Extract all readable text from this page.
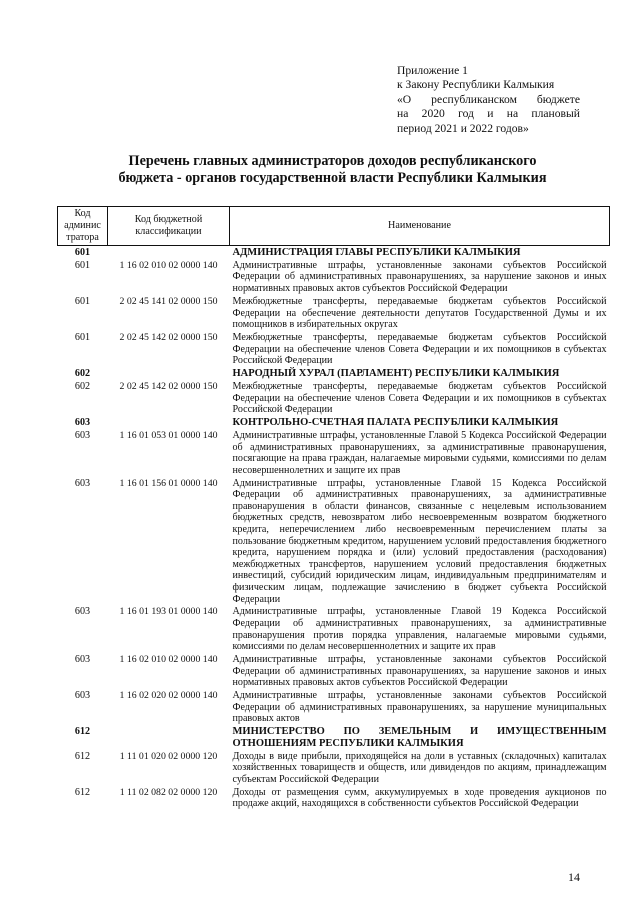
Приложение 1
к Закону Республики Калмыкия
«О республиканском бюджете
на 2020 год и на плановый
период 2021 и 2022 годов»
Перечень главных администраторов доходов республиканского
бюджета - органов государственной власти Республики Калмыкия
Код админис тратора	Код бюджетной классификации	Наименование
601		АДМИНИСТРАЦИЯ ГЛАВЫ РЕСПУБЛИКИ КАЛМЫКИЯ
601	1 16 02 010 02 0000 140	Административные штрафы, установленные законами субъектов Российской Федерации об административных правонарушениях, за нарушение законов и иных нормативных правовых актов субъектов Российской Федерации
601	2 02 45 141 02 0000 150	Межбюджетные трансферты, передаваемые бюджетам субъектов Российской Федерации на обеспечение деятельности депутатов Государственной Думы и их помощников в избирательных округах
601	2 02 45 142 02 0000 150	Межбюджетные трансферты, передаваемые бюджетам субъектов Российской Федерации на обеспечение членов Совета Федерации и их помощников в субъектах Российской Федерации
602		НАРОДНЫЙ ХУРАЛ (ПАРЛАМЕНТ) РЕСПУБЛИКИ КАЛМЫКИЯ
602	2 02 45 142 02 0000 150	Межбюджетные трансферты, передаваемые бюджетам субъектов Российской Федерации на обеспечение членов Совета Федерации и их помощников в субъектах Российской Федерации
603		КОНТРОЛЬНО-СЧЕТНАЯ ПАЛАТА РЕСПУБЛИКИ КАЛМЫКИЯ
603	1 16 01 053 01 0000 140	Административные штрафы, установленные Главой 5 Кодекса Российской Федерации об административных правонарушениях, за административные правонарушения, посягающие на права граждан, налагаемые мировыми судьями, комиссиями по делам несовершеннолетних и защите их прав
603	1 16 01 156 01 0000 140	Административные штрафы, установленные Главой 15 Кодекса Российской Федерации об административных правонарушениях, за административные правонарушения в области финансов, связанные с нецелевым использованием бюджетных средств, невозвратом либо несвоевременным возвратом бюджетного кредита, неперечислением либо несвоевременным перечислением платы за пользование бюджетным кредитом, нарушением условий предоставления бюджетного кредита, нарушением порядка и (или) условий предоставления (расходования) межбюджетных трансфертов, нарушением условий предоставления бюджетных инвестиций, субсидий юридическим лицам, индивидуальным предпринимателям и физическим лицам, подлежащие зачислению в бюджет субъекта Российской Федерации
603	1 16 01 193 01 0000 140	Административные штрафы, установленные Главой 19 Кодекса Российской Федерации об административных правонарушениях, за административные правонарушения против порядка управления, налагаемые мировыми судьями, комиссиями по делам несовершеннолетних и защите их прав
603	1 16 02 010 02 0000 140	Административные штрафы, установленные законами субъектов Российской Федерации об административных правонарушениях, за нарушение законов и иных нормативных правовых актов субъектов Российской Федерации
603	1 16 02 020 02 0000 140	Административные штрафы, установленные законами субъектов Российской Федерации об административных правонарушениях, за нарушение муниципальных правовых актов
612		МИНИСТЕРСТВО ПО ЗЕМЕЛЬНЫМ И ИМУЩЕСТВЕННЫМ ОТНОШЕНИЯМ РЕСПУБЛИКИ КАЛМЫКИЯ
612	1 11 01 020 02 0000 120	Доходы в виде прибыли, приходящейся на доли в уставных (складочных) капиталах хозяйственных товариществ и обществ, или дивидендов по акциям, принадлежащим субъектам Российской Федерации
612	1 11 02 082 02 0000 120	Доходы от размещения сумм, аккумулируемых в ходе проведения аукционов по продаже акций, находящихся в собственности субъектов Российской Федерации
14
